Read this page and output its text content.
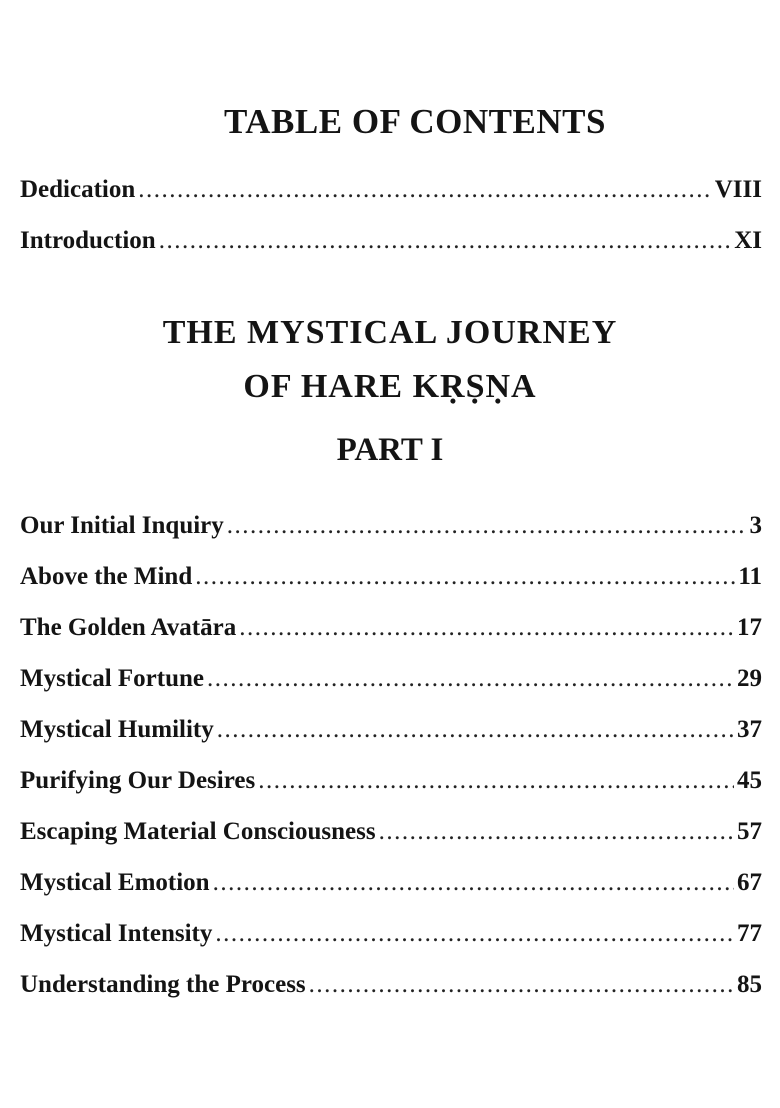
TABLE OF CONTENTS
Dedication .....	VIII
Introduction .....	XI
THE MYSTICAL JOURNEY
OF HARE KṚṢṆA
PART I
Our Initial Inquiry .....	3
Above the Mind .....	11
The Golden Avatāra .....	17
Mystical Fortune .....	29
Mystical Humility .....	37
Purifying Our Desires .....	45
Escaping Material Consciousness .....	57
Mystical Emotion .....	67
Mystical Intensity .....	77
Understanding the Process .....	85
